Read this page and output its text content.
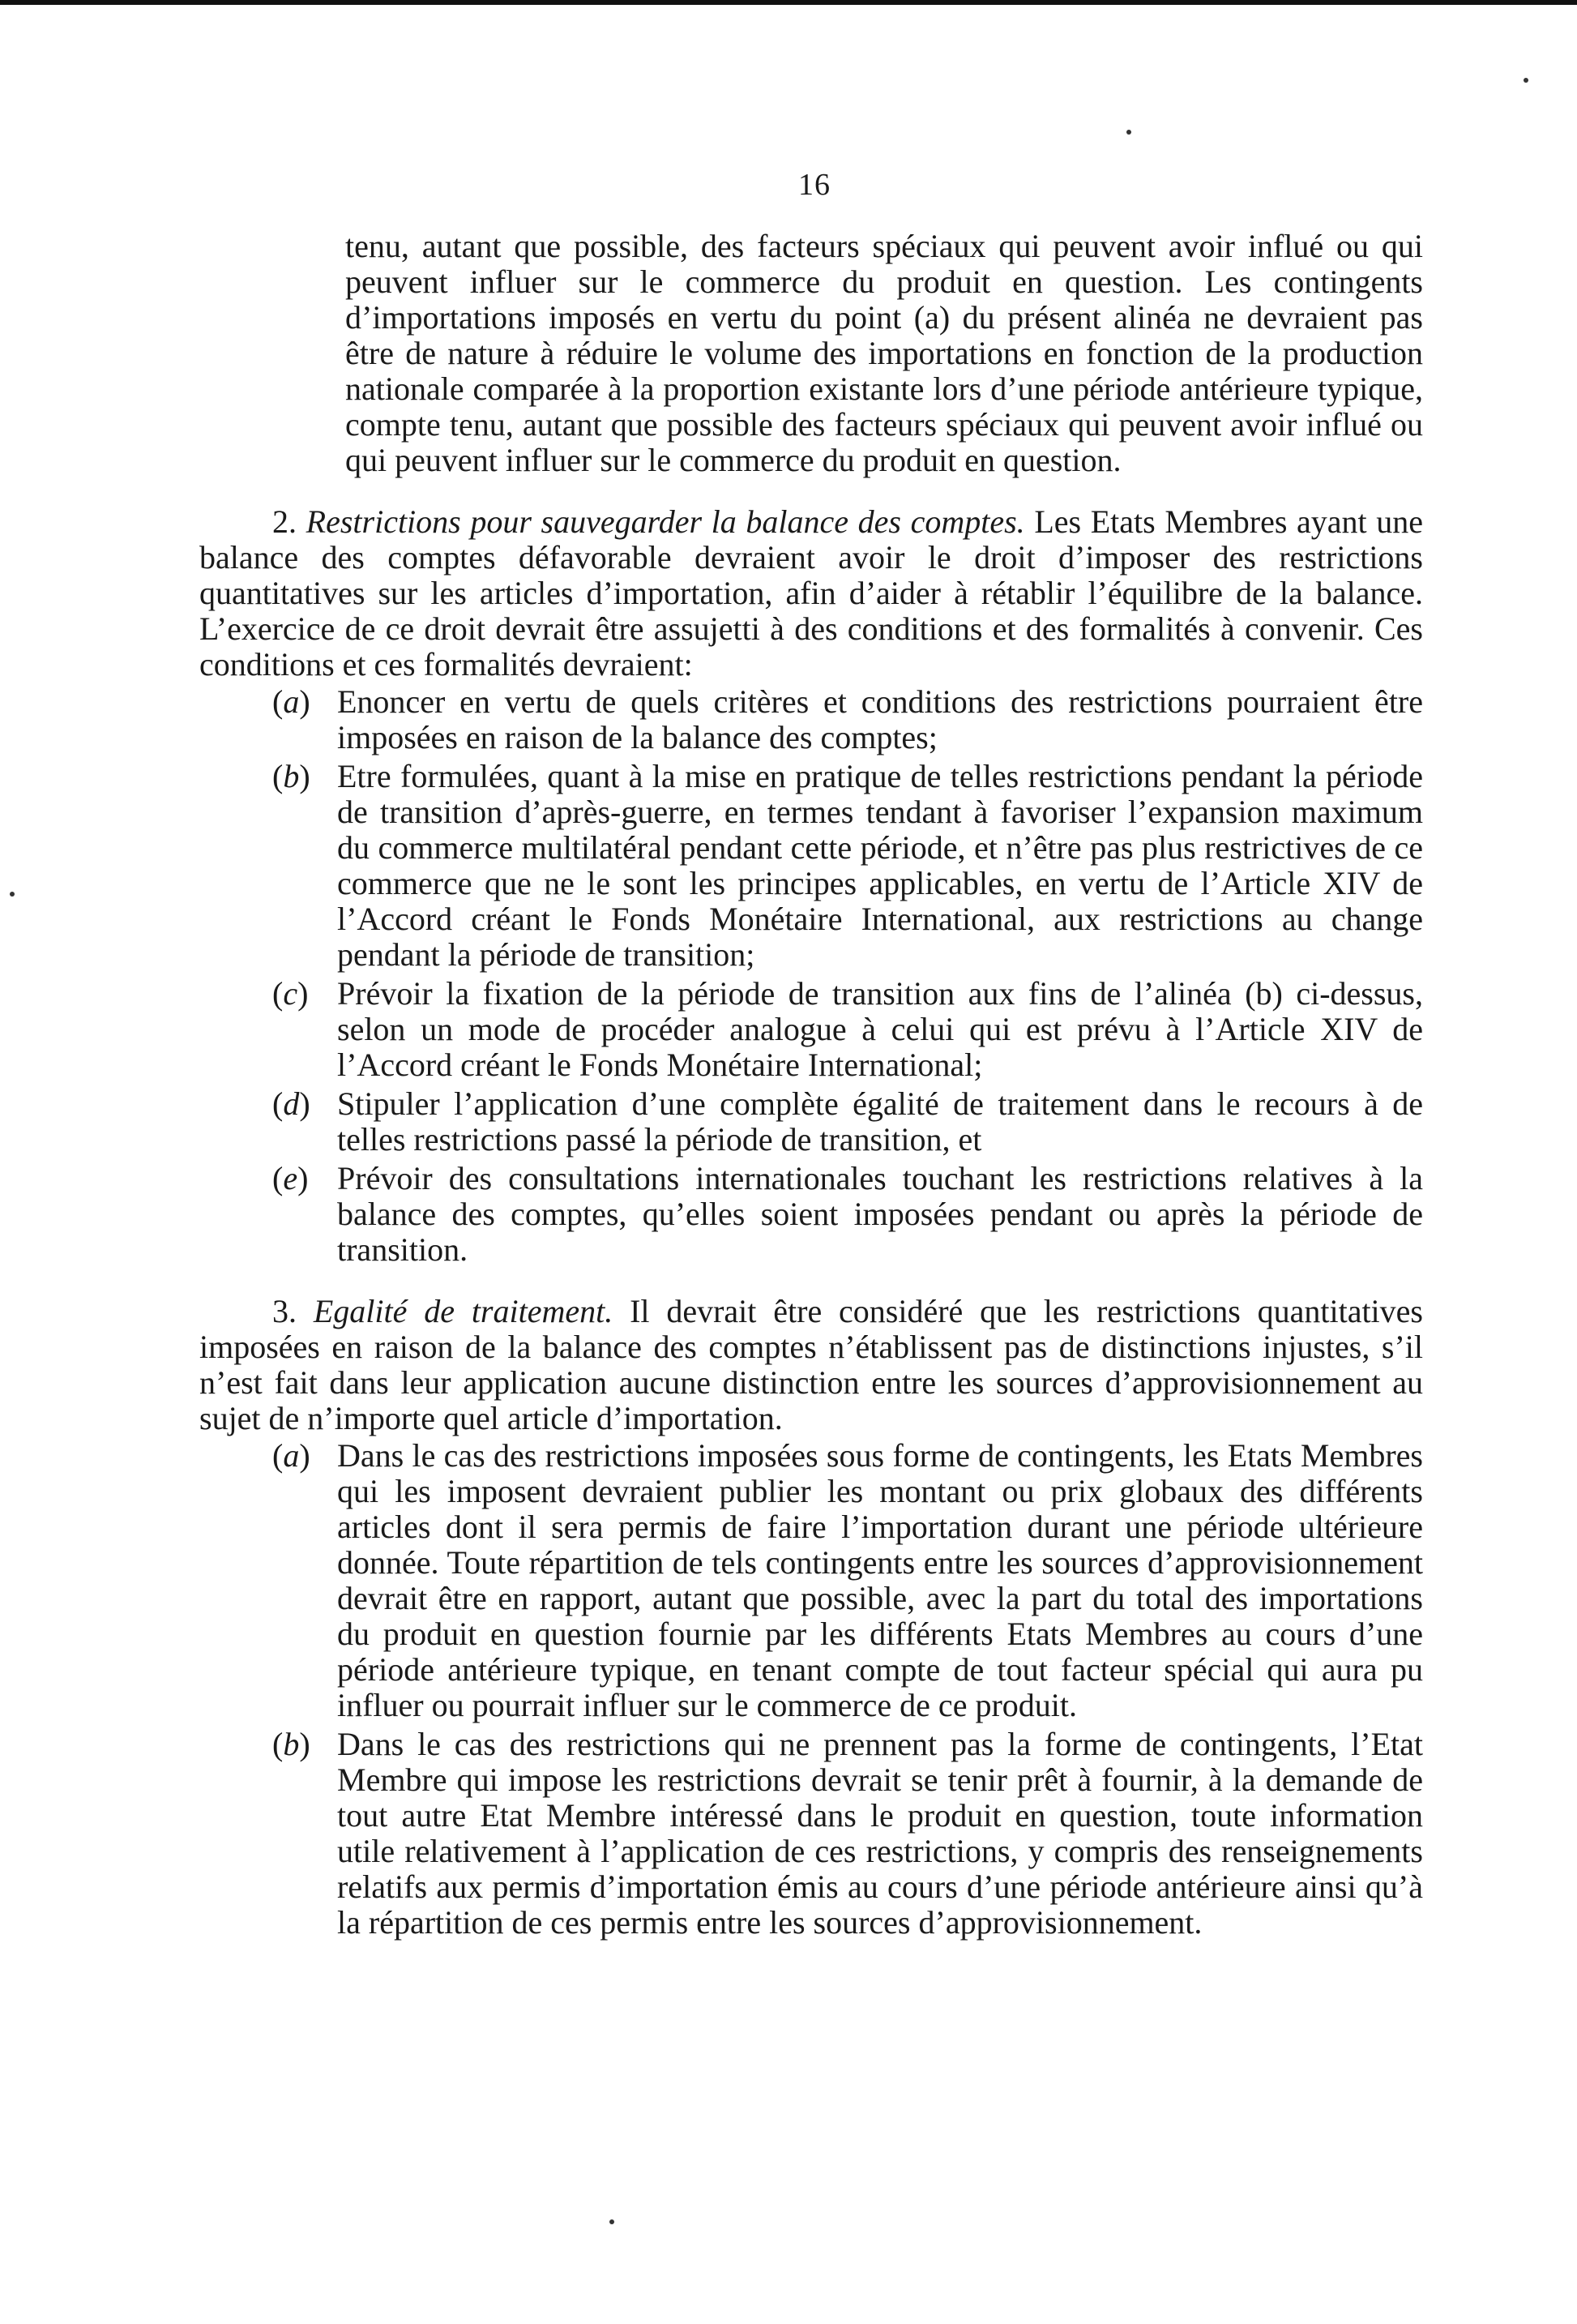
16

tenu, autant que possible, des facteurs spéciaux qui peuvent avoir influé ou qui peuvent influer sur le commerce du produit en question. Les contingents d’importations imposés en vertu du point (a) du présent alinéa ne devraient pas être de nature à réduire le volume des importations en fonction de la production nationale comparée à la proportion existante lors d’une période antérieure typique, compte tenu, autant que possible des facteurs spéciaux qui peuvent avoir influé ou qui peuvent influer sur le commerce du produit en question.

2. Restrictions pour sauvegarder la balance des comptes. Les Etats Membres ayant une balance des comptes défavorable devraient avoir le droit d’imposer des restrictions quantitatives sur les articles d’importation, afin d’aider à rétablir l’équilibre de la balance. L’exercice de ce droit devrait être assujetti à des conditions et des formalités à convenir. Ces conditions et ces formalités devraient:

(a) Enoncer en vertu de quels critères et conditions des restrictions pourraient être imposées en raison de la balance des comptes;
(b) Etre formulées, quant à la mise en pratique de telles restrictions pendant la période de transition d’après-guerre, en termes tendant à favoriser l’expansion maximum du commerce multilatéral pendant cette période, et n’être pas plus restrictives de ce commerce que ne le sont les principes applicables, en vertu de l’Article XIV de l’Accord créant le Fonds Monétaire International, aux restrictions au change pendant la période de transition;
(c) Prévoir la fixation de la période de transition aux fins de l’alinéa (b) ci-dessus, selon un mode de procéder analogue à celui qui est prévu à l’Article XIV de l’Accord créant le Fonds Monétaire International;
(d) Stipuler l’application d’une complète égalité de traitement dans le recours à de telles restrictions passé la période de transition, et
(e) Prévoir des consultations internationales touchant les restrictions relatives à la balance des comptes, qu’elles soient imposées pendant ou après la période de transition.

3. Egalité de traitement. Il devrait être considéré que les restrictions quantitatives imposées en raison de la balance des comptes n’établissent pas de distinctions injustes, s’il n’est fait dans leur application aucune distinction entre les sources d’approvisionnement au sujet de n’importe quel article d’importation.

(a) Dans le cas des restrictions imposées sous forme de contingents, les Etats Membres qui les imposent devraient publier les montant ou prix globaux des différents articles dont il sera permis de faire l’importation durant une période ultérieure donnée. Toute répartition de tels contingents entre les sources d’approvisionnement devrait être en rapport, autant que possible, avec la part du total des importations du produit en question fournie par les différents Etats Membres au cours d’une période antérieure typique, en tenant compte de tout facteur spécial qui aura pu influer ou pourrait influer sur le commerce de ce produit.
(b) Dans le cas des restrictions qui ne prennent pas la forme de contingents, l’Etat Membre qui impose les restrictions devrait se tenir prêt à fournir, à la demande de tout autre Etat Membre intéressé dans le produit en question, toute information utile relativement à l’application de ces restrictions, y compris des renseignements relatifs aux permis d’importation émis au cours d’une période antérieure ainsi qu’à la répartition de ces permis entre les sources d’approvisionnement.
